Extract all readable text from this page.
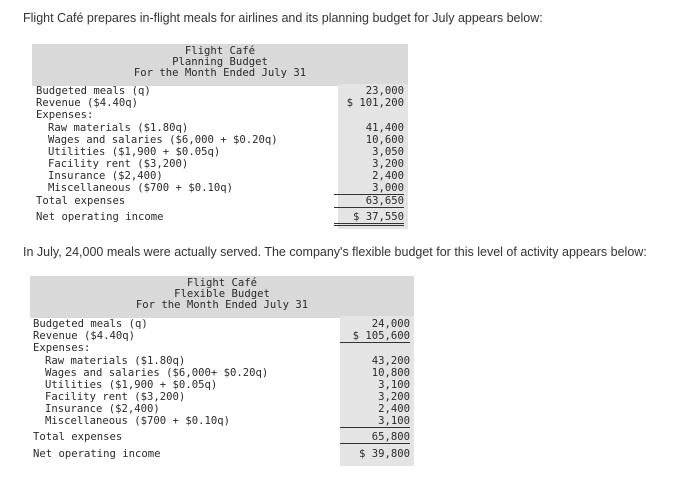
Flight Café prepares in-flight meals for airlines and its planning budget for July appears below:
Flight Café
Planning Budget
For the Month Ended July 31
Budgeted meals (q)	23,000
Revenue ($4.40q)	$ 101,200
Expenses:
Raw materials ($1.80q)	41,400
Wages and salaries ($6,000 + $0.20q)	10,600
Utilities ($1,900 + $0.05q)	3,050
Facility rent ($3,200)	3,200
Insurance ($2,400)	2,400
Miscellaneous ($700 + $0.10q)	3,000
Total expenses	63,650
Net operating income	$ 37,550
In July, 24,000 meals were actually served. The company's flexible budget for this level of activity appears below:
Flight Café
Flexible Budget
For the Month Ended July 31
Budgeted meals (q)	24,000
Revenue ($4.40q)	$ 105,600
Expenses:
Raw materials ($1.80q)	43,200
Wages and salaries ($6,000+ $0.20q)	10,800
Utilities ($1,900 + $0.05q)	3,100
Facility rent ($3,200)	3,200
Insurance ($2,400)	2,400
Miscellaneous ($700 + $0.10q)	3,100
Total expenses	65,800
Net operating income	$ 39,800
